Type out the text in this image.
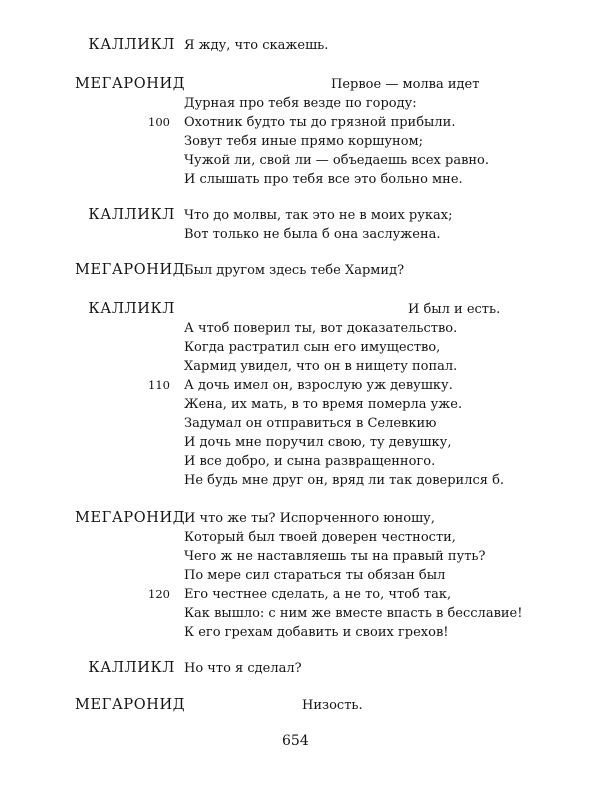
КАЛЛИКЛ Я жду, что скажешь.
МЕГАРОНИД	Первое — молва идет
Дурная про тебя везде по городу:
100 Охотник будто ты до грязной прибыли.
Зовут тебя иные прямо коршуном;
Чужой ли, свой ли — объедаешь всех равно.
И слышать про тебя все это больно мне.
КАЛЛИКЛ Что до молвы, так это не в моих руках;
Вот только не была б она заслужена.
МЕГАРОНИД
Был другом здесь тебе Хармид?
КАЛЛИКЛ	И был и есть.
А чтоб поверил ты, вот доказательство.
Когда растратил сын его имущество,
Хармид увидел, что он в нищету попал.
110 А дочь имел он, взрослую уж девушку.
Жена, их мать, в то время померла уже.
Задумал он отправиться в Селевкию
И дочь мне поручил свою, ту девушку,
И все добро, и сына развращенного.
Не будь мне друг он, вряд ли так доверился б.
МЕГАРОНИД
И что же ты? Испорченного юношу,
Который был твоей доверен честности,
Чего ж не наставляешь ты на правый путь?
По мере сил стараться ты обязан был
120 Его честнее сделать, а не то, чтоб так,
Как вышло: с ним же вместе впасть в бесславие!
К его грехам добавить и своих грехов!
КАЛЛИКЛ Но что я сделал?
МЕГАРОНИД	Низость.
654
